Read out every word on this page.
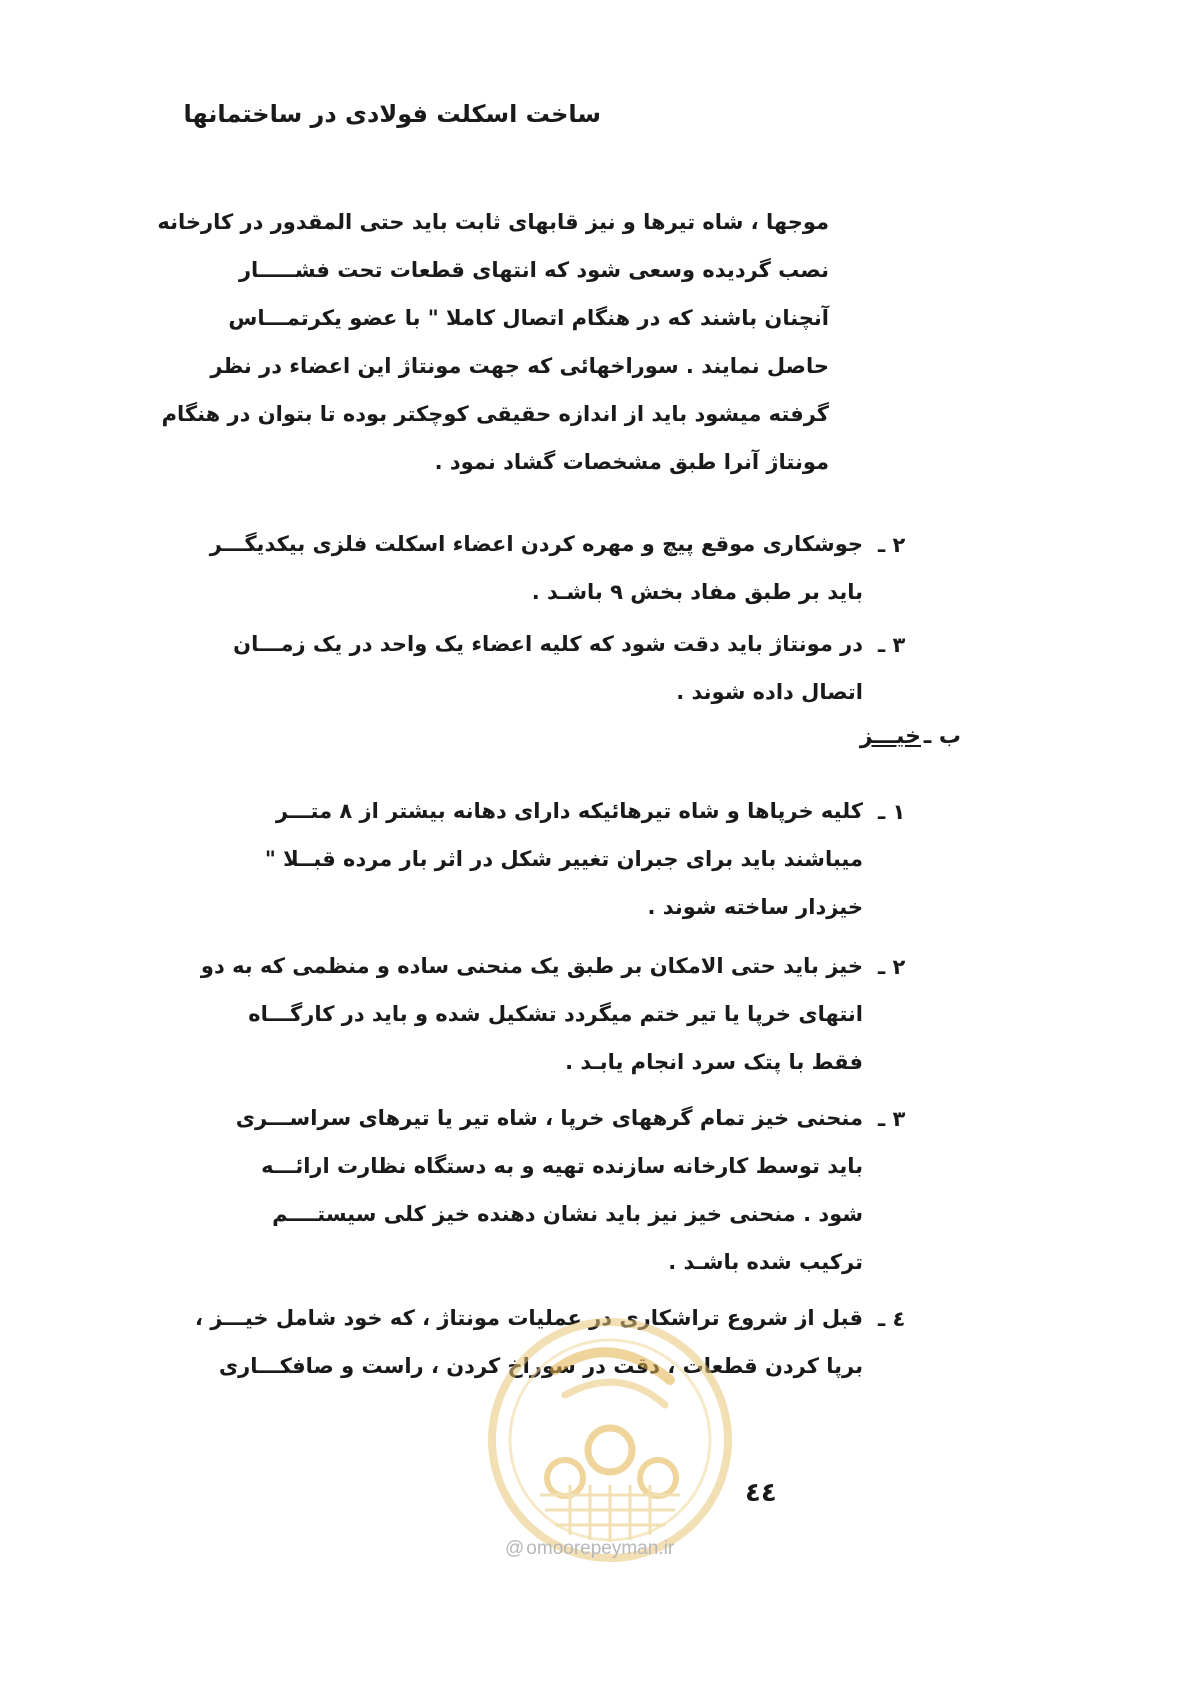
ساخت اسکلت فولادی در ساختمانها
موجها ، شاه تیرها و نیز قابهای ثابت باید حتی المقدور در کارخانه
نصب گردیده وسعی شود که انتهای قطعات تحت فشـــــار
آنچنان باشند که در هنگام اتصال کاملا " با عضو یکرتمـــاس
حاصل نمایند . سوراخهائی که جهت مونتاژ این اعضاء در نظر
گرفته میشود باید از اندازه حقیقی کوچکتر بوده تا بتوان در هنگام
مونتاژ آنرا طبق مشخصات گشاد نمود .
٢ ـ
جوشکاری موقع پیچ و مهره کردن اعضاء اسکلت فلزی بیکدیگـــر
باید بر طبق مفاد بخش ۹ باشـد .
٣ ـ
در مونتاژ باید دقت شود که کلیه اعضاء یک واحد در یک زمـــان
اتصال داده شوند .
ب ـ
خیـــز
١ ـ
کلیه خرپاها و شاه تیرهائیکه دارای دهانه بیشتر از ۸ متـــر
میباشند باید برای جبران تغییر شکل در اثر بار مرده قبــلا "
خیزدار ساخته شوند .
٢ ـ
خیز باید حتی الامکان بر طبق یک منحنی ساده و منظمی که به دو
انتهای خرپا یا تیر ختم میگردد تشکیل شده و باید در کارگـــاه
فقط با پتک سرد انجام یابـد .
٣ ـ
منحنی خیز تمام گرههای خرپا ، شاه تیر یا تیرهای سراســـری
باید توسط کارخانه سازنده تهیه و به دستگاه نظارت ارائـــه
شود . منحنی خیز نیز باید نشان دهنده خیز کلی سیستــــم
ترکیب شده باشـد .
٤ ـ
قبل از شروع تراشکاری در عملیات مونتاژ ، که خود شامل خیـــز ،
برپا کردن قطعات ، دقت در سوراخ کردن ، راست و صافکـــاری
٤٤
@ omoorepeyman.ir
